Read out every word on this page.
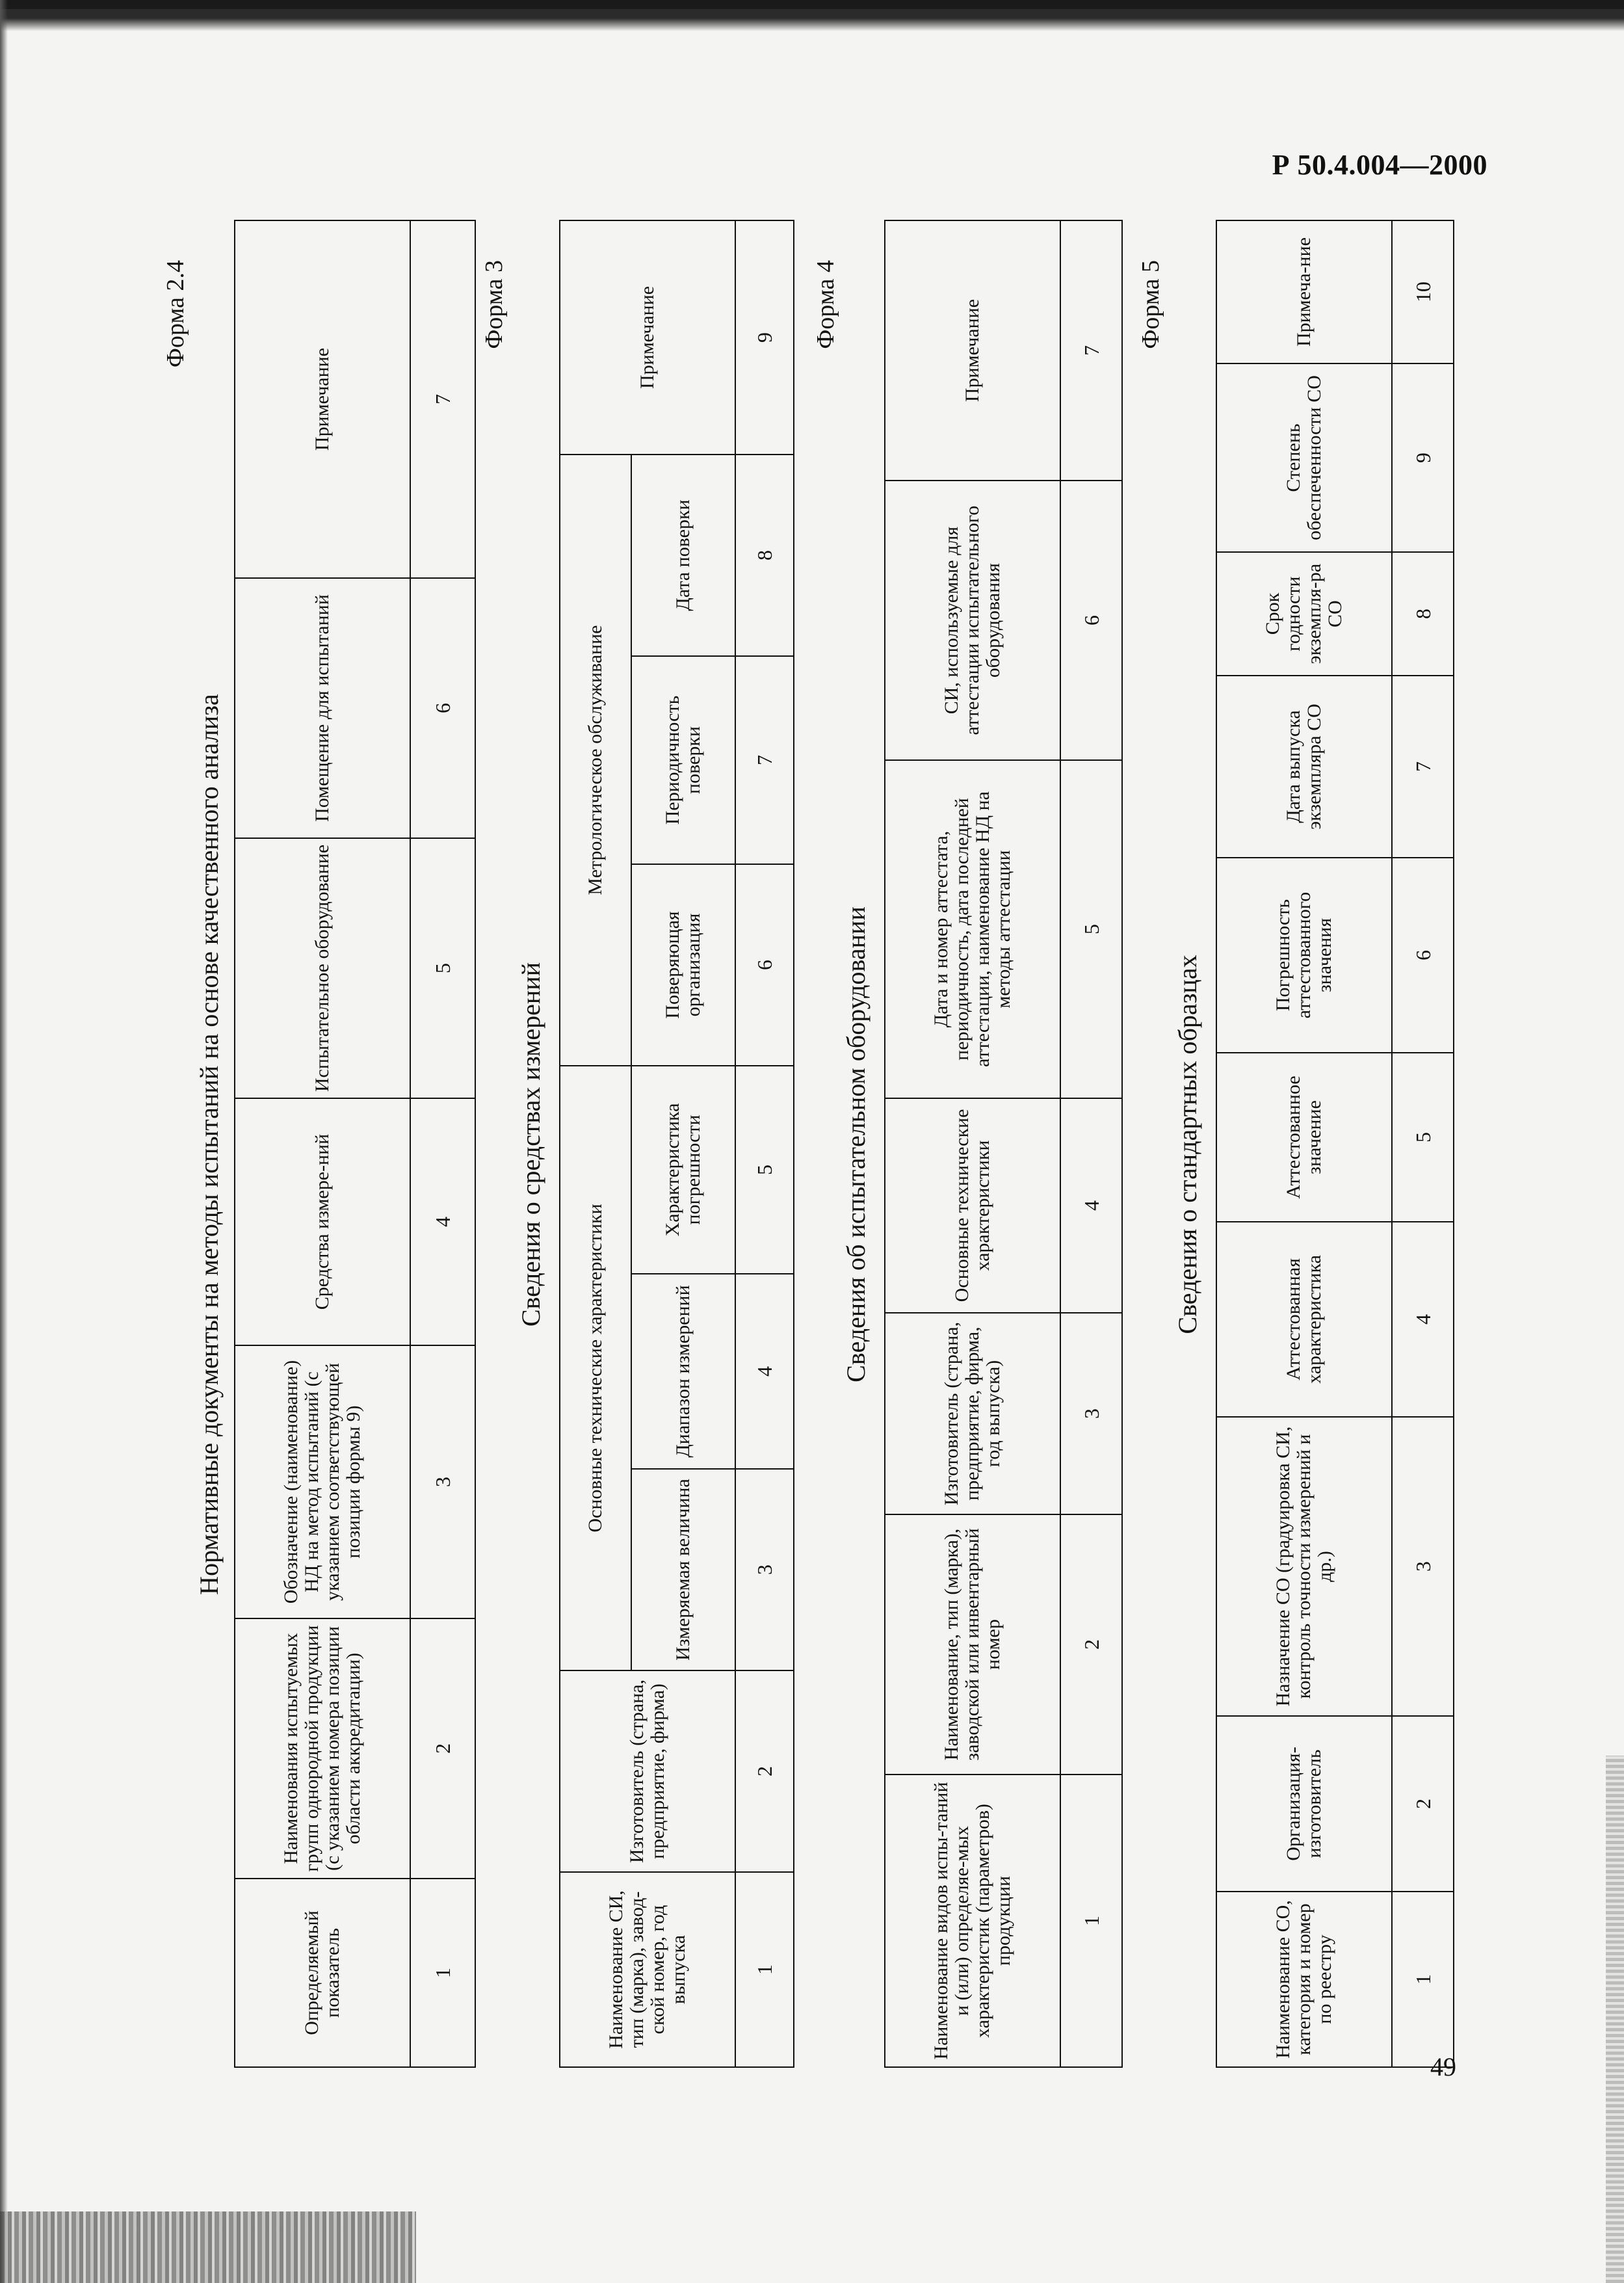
Р 50.4.004—2000
49
Форма 2.4
Нормативные документы на методы испытаний на основе качественного анализа
Определяемый показатель	Наименования испытуемых групп однородной продукции (с указанием номера позиции области аккредитации)	Обозначение (наименование) НД на метод испытаний (с указанием соответствующей позиции формы 9)	Средства измере-ний	Испытательное оборудование	Помещение для испытаний	Примечание
1	2	3	4	5	6	7
Форма 3
Сведения о средствах измерений
Наименование СИ, тип (марка), завод-ской номер, год выпуска	Изготовитель (страна, предприятие, фирма)	Основные технические характеристики			Метрологическое обслуживание			Примечание
		Измеряемая величина	Диапазон измерений	Характеристика погрешности	Поверяющая организация	Периодичность поверки	Дата поверки	
1	2	3	4	5	6	7	8	9 Форма 4
Сведения об испытательном оборудовании
Наименование видов испы-таний и (или) определяе-мых характеристик (параметров) продукции	Наименование, тип (марка), заводской или инвентарный номер	Изготовитель (страна, предприятие, фирма, год выпуска)	Основные технические характеристики	Дата и номер аттестата, периодичность, дата последней аттестации, наименование НД на методы аттестации	СИ, используемые для аттестации испытательного оборудования	Примечание
1	2	3	4	5	6	7
Форма 5
Сведения о стандартных образцах
Наименование СО, категория и номер по реестру	Организация-изготовитель	Назначение СО (градуировка СИ, контроль точности измерений и др.)	Аттестованная характеристика	Аттестованное значение	Погрешность аттестованного значения	Дата выпуска экземпляра СО	Срок годности экземпля-ра СО	Степень обеспеченности СО	Примеча-ние
1	2	3	4	5	6	7	8	9	10
